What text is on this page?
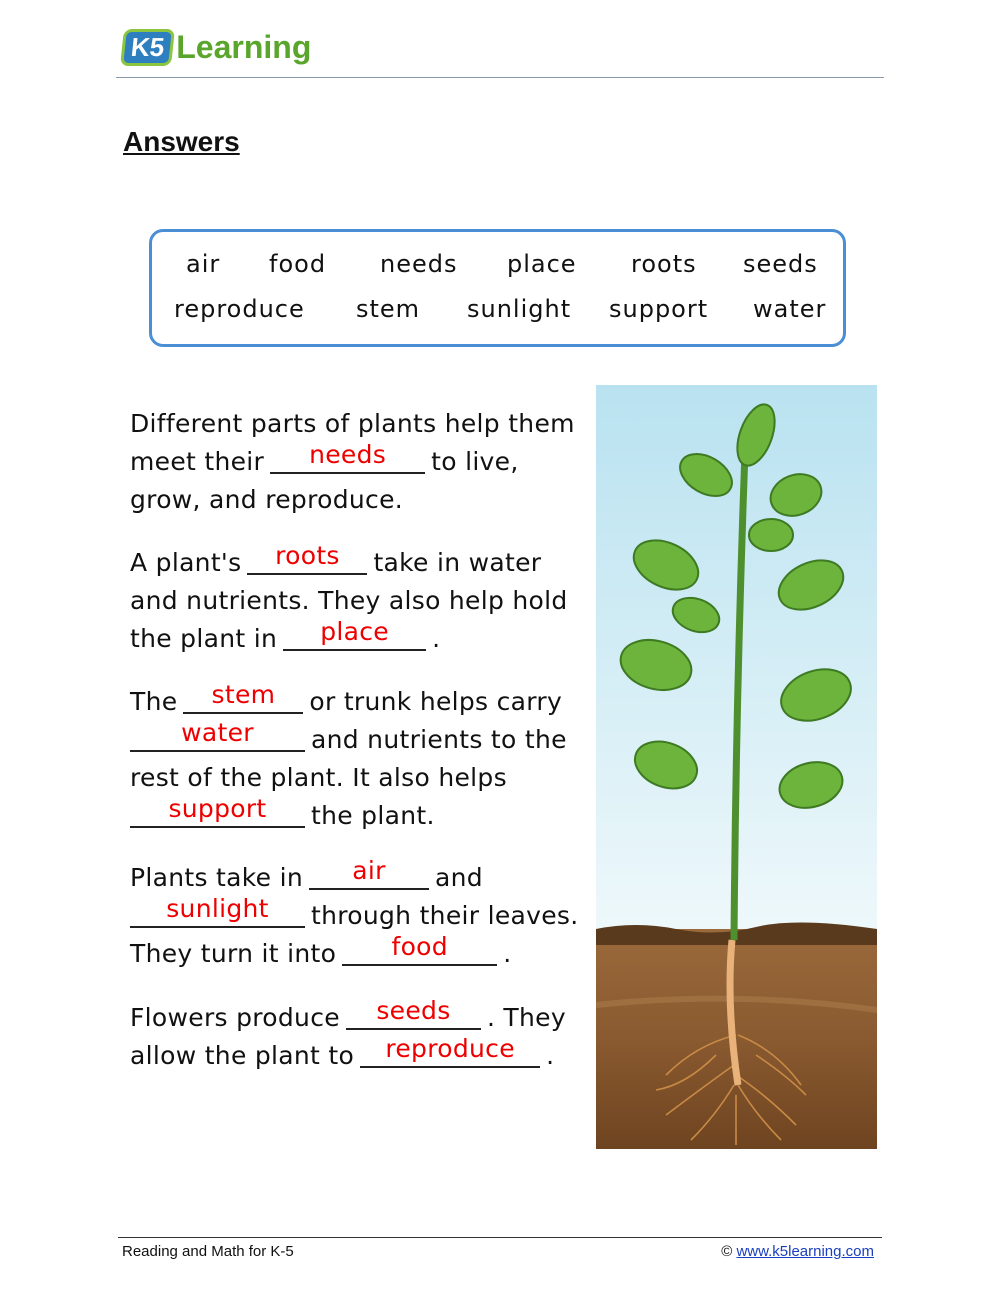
K5 Learning
Answers
air food needs place roots seeds
reproduce stem sunlight support water
Different parts of plants help them
meet their	needs	to live,
grow, and reproduce.
A plant's	roots	take in water
and nutrients. They also help hold
the plant in	place	.
The	stem	or trunk helps carry
water	and nutrients to the
rest of the plant. It also helps
support	the plant.
Plants take in	air	and
sunlight	through their leaves.
They turn it into	food	.
Flowers produce	seeds	. They
allow the plant to	reproduce	.
Reading and Math for K-5	© www.k5learning.com
